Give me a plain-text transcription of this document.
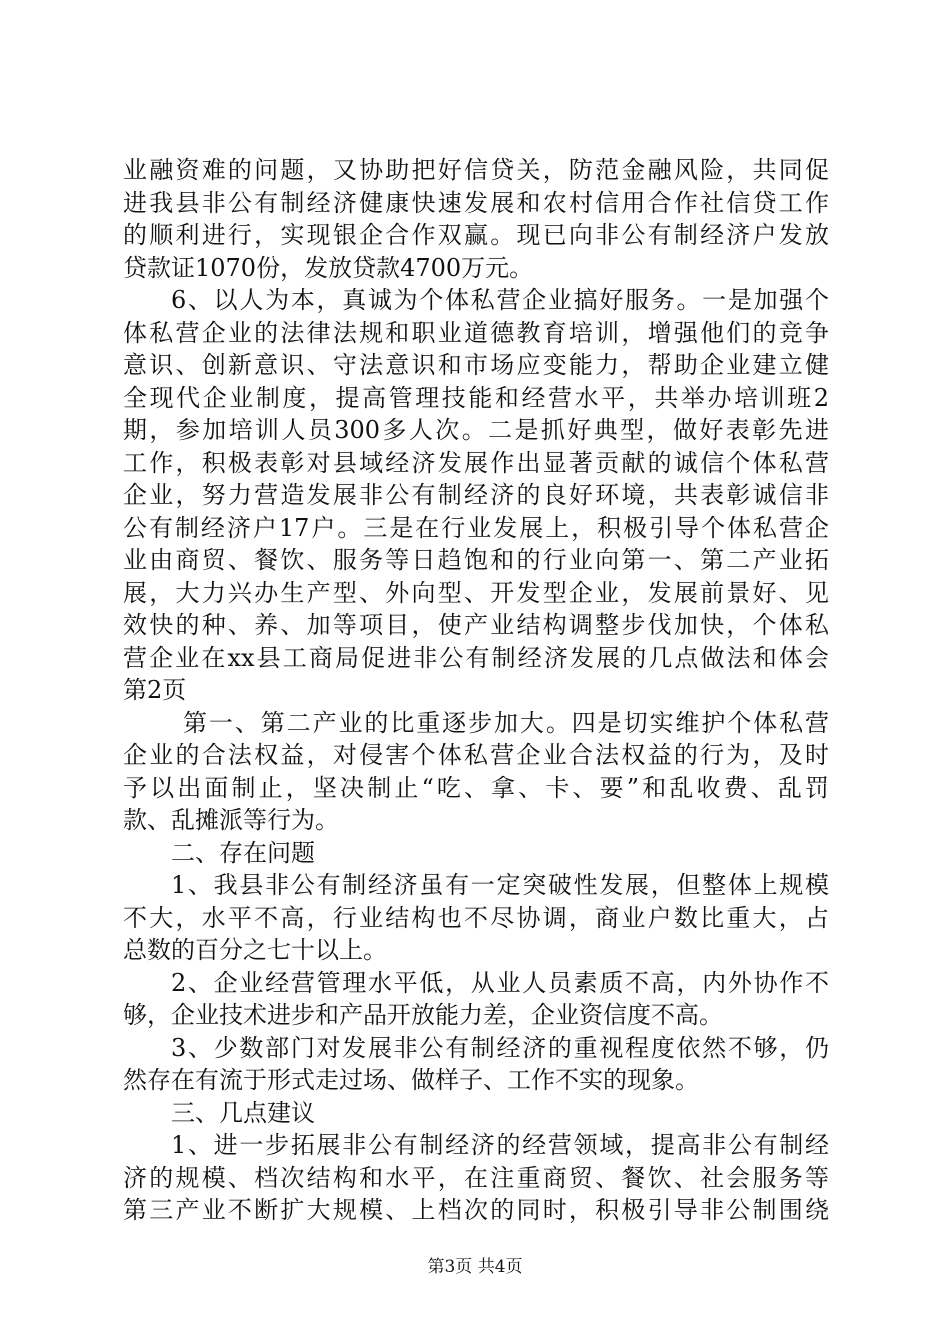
业融资难的问题，又协助把好信贷关，防范金融风险，共同促
进我县非公有制经济健康快速发展和农村信用合作社信贷工作
的顺利进行，实现银企合作双赢。现已向非公有制经济户发放
贷款证1070份，发放贷款4700万元。
6、以人为本，真诚为个体私营企业搞好服务。一是加强个
体私营企业的法律法规和职业道德教育培训，增强他们的竞争
意识、创新意识、守法意识和市场应变能力，帮助企业建立健
全现代企业制度，提高管理技能和经营水平，共举办培训班2
期，参加培训人员300多人次。二是抓好典型，做好表彰先进
工作，积极表彰对县域经济发展作出显著贡献的诚信个体私营
企业，努力营造发展非公有制经济的良好环境，共表彰诚信非
公有制经济户17户。三是在行业发展上，积极引导个体私营企
业由商贸、餐饮、服务等日趋饱和的行业向第一、第二产业拓
展，大力兴办生产型、外向型、开发型企业，发展前景好、见
效快的种、养、加等项目，使产业结构调整步伐加快，个体私
营企业在xx县工商局促进非公有制经济发展的几点做法和体会
第2页
第一、第二产业的比重逐步加大。四是切实维护个体私营
企业的合法权益，对侵害个体私营企业合法权益的行为，及时
予以出面制止，坚决制止“吃、拿、卡、要”和乱收费、乱罚
款、乱摊派等行为。
二、存在问题
1、我县非公有制经济虽有一定突破性发展，但整体上规模
不大，水平不高，行业结构也不尽协调，商业户数比重大，占
总数的百分之七十以上。
2、企业经营管理水平低，从业人员素质不高，内外协作不
够，企业技术进步和产品开放能力差，企业资信度不高。
3、少数部门对发展非公有制经济的重视程度依然不够，仍
然存在有流于形式走过场、做样子、工作不实的现象。
三、几点建议
1、进一步拓展非公有制经济的经营领域，提高非公有制经
济的规模、档次结构和水平，在注重商贸、餐饮、社会服务等
第三产业不断扩大规模、上档次的同时，积极引导非公制围绕
第3页 共4页
